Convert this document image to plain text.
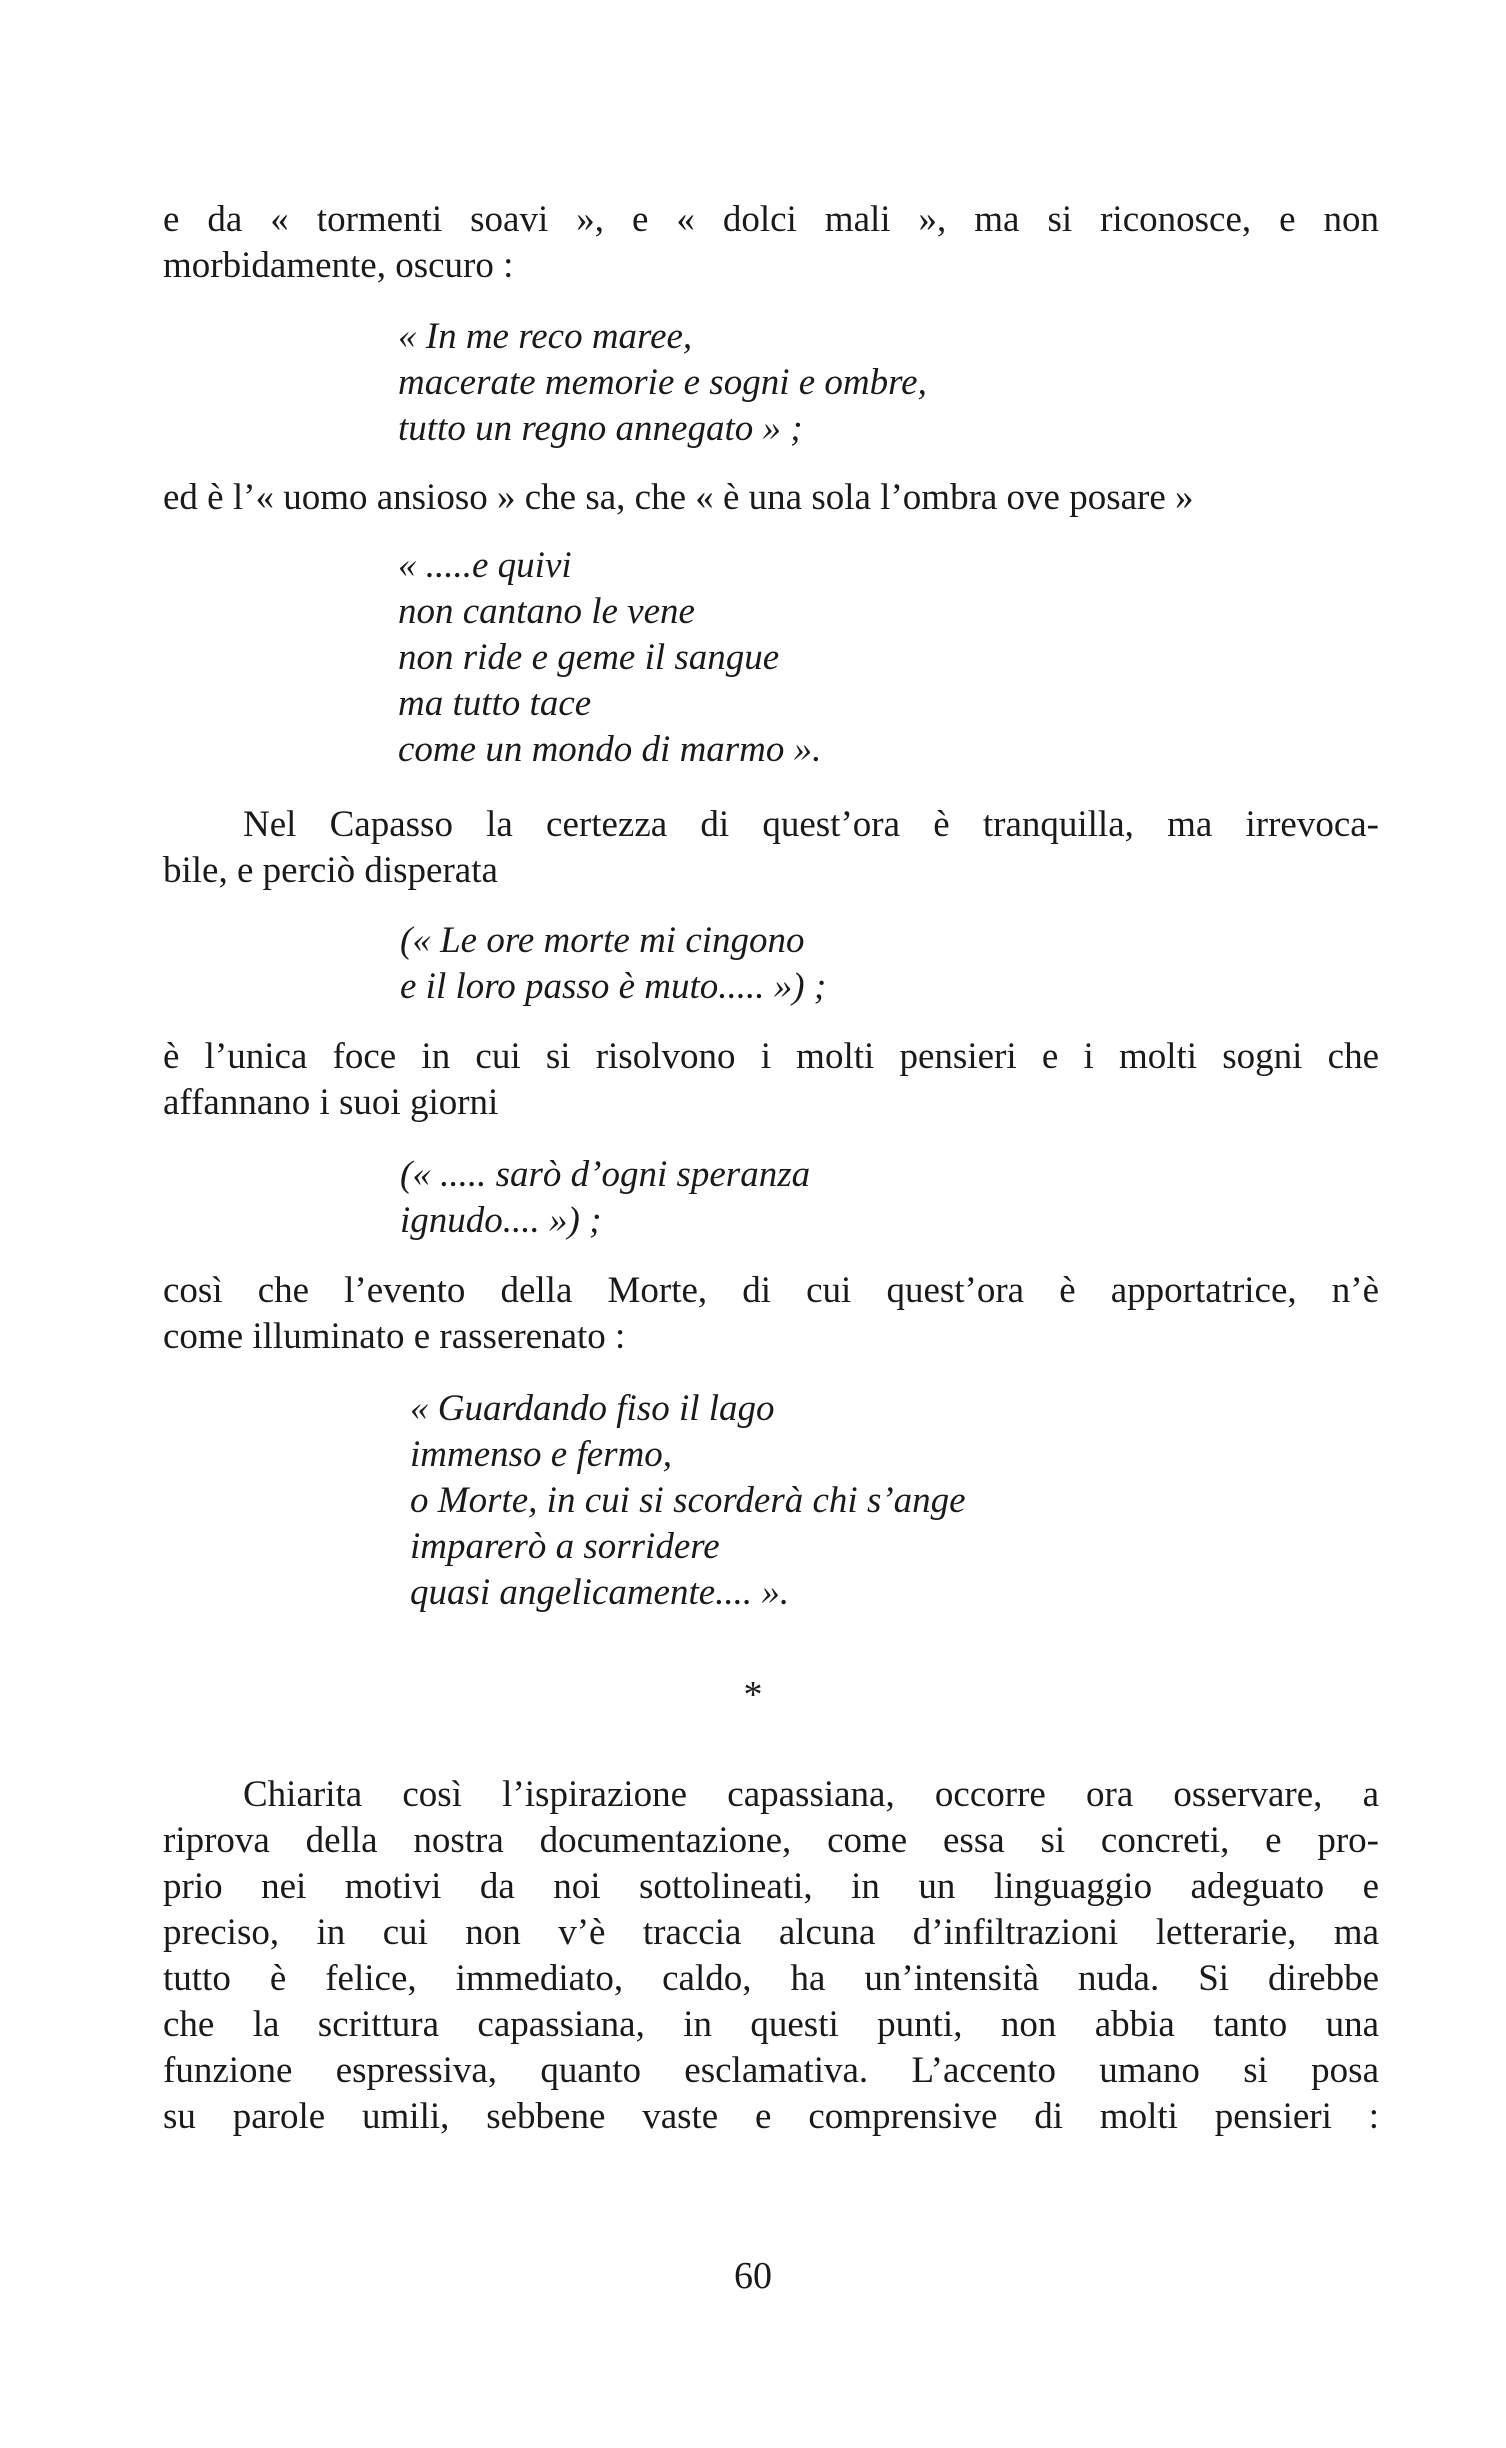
e da « tormenti soavi », e « dolci mali », ma si riconosce, e non
morbidamente, oscuro :
« In me reco maree,
macerate memorie e sogni e ombre,
tutto un regno annegato » ;
ed è l’« uomo ansioso » che sa, che « è una sola l’ombra ove posare »
« .....e quivi
non cantano le vene
non ride e geme il sangue
ma tutto tace
come un mondo di marmo ».
Nel Capasso la certezza di quest’ora è tranquilla, ma irrevoca-
bile, e perciò disperata
(« Le ore morte mi cingono
e il loro passo è muto..... ») ;
è l’unica foce in cui si risolvono i molti pensieri e i molti sogni che
affannano i suoi giorni
(« ..... sarò d’ogni speranza
ignudo.... ») ;
così che l’evento della Morte, di cui quest’ora è apportatrice, n’è
come illuminato e rasserenato :
« Guardando fiso il lago
immenso e fermo,
o Morte, in cui si scorderà chi s’ange
imparerò a sorridere
quasi angelicamente.... ».
*
Chiarita così l’ispirazione capassiana, occorre ora osservare, a
riprova della nostra documentazione, come essa si concreti, e pro-
prio nei motivi da noi sottolineati, in un linguaggio adeguato e
preciso, in cui non v’è traccia alcuna d’infiltrazioni letterarie, ma
tutto è felice, immediato, caldo, ha un’intensità nuda. Si direbbe
che la scrittura capassiana, in questi punti, non abbia tanto una
funzione espressiva, quanto esclamativa. L’accento umano si posa
su parole umili, sebbene vaste e comprensive di molti pensieri :
60
